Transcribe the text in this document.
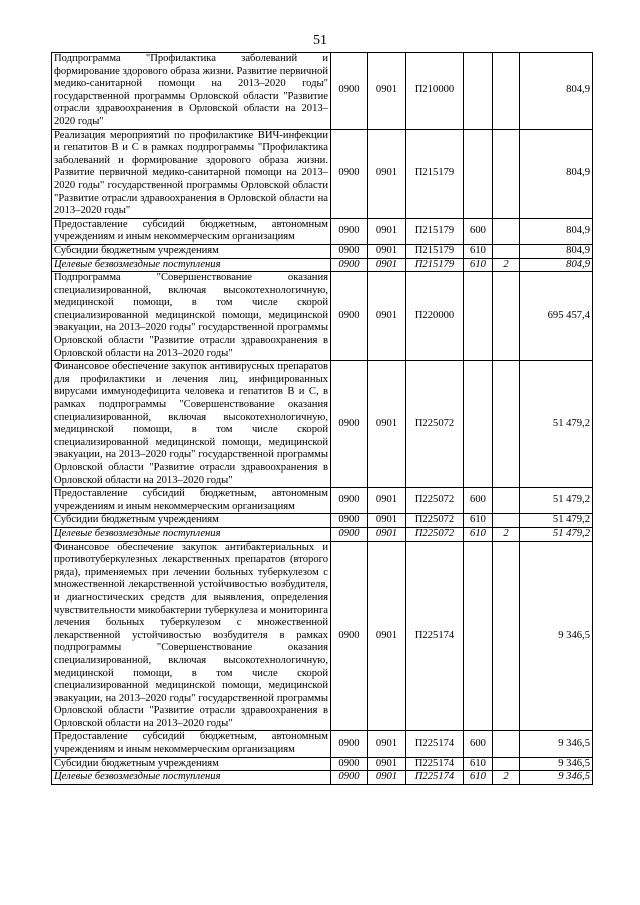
51
Подпрограмма "Профилактика заболеваний и формирование здорового образа жизни. Развитие первичной медико-санитарной помощи на 2013–2020 годы" государственной программы Орловской области "Развитие отрасли здравоохранения в Орловской области на 2013–2020 годы"	0900	0901	П210000			804,9
Реализация мероприятий по профилактике ВИЧ-инфекции и гепатитов В и С в рамках подпрограммы "Профилактика заболеваний и формирование здорового образа жизни. Развитие первичной медико-санитарной помощи на 2013–2020 годы" государственной программы Орловской области "Развитие отрасли здравоохранения в Орловской области на 2013–2020 годы"	0900	0901	П215179			804,9
Предоставление субсидий бюджетным, автономным учреждениям и иным некоммерческим организациям	0900	0901	П215179	600		804,9
Субсидии бюджетным учреждениям	0900	0901	П215179	610		804,9
Целевые безвозмездные поступления	0900	0901	П215179	610	2	804,9
Подпрограмма "Совершенствование оказания специализированной, включая высокотехнологичную, медицинской помощи, в том числе скорой специализированной медицинской помощи, медицинской эвакуации, на 2013–2020 годы" государственной программы Орловской области "Развитие отрасли здравоохранения в Орловской области на 2013–2020 годы"	0900	0901	П220000			695 457,4
Финансовое обеспечение закупок антивирусных препаратов для профилактики и лечения лиц, инфицированных вирусами иммунодефицита человека и гепатитов В и С, в рамках подпрограммы "Совершенствование оказания специализированной, включая высокотехнологичную, медицинской помощи, в том числе скорой специализированной медицинской помощи, медицинской эвакуации, на 2013–2020 годы" государственной программы Орловской области "Развитие отрасли здравоохранения в Орловской области на 2013–2020 годы"	0900	0901	П225072			51 479,2
Предоставление субсидий бюджетным, автономным учреждениям и иным некоммерческим организациям	0900	0901	П225072	600		51 479,2
Субсидии бюджетным учреждениям	0900	0901	П225072	610		51 479,2
Целевые безвозмездные поступления	0900	0901	П225072	610	2	51 479,2
Финансовое обеспечение закупок антибактериальных и противотуберкулезных лекарственных препаратов (второго ряда), применяемых при лечении больных туберкулезом с множественной лекарственной устойчивостью возбудителя, и диагностических средств для выявления, определения чувствительности микобактерии туберкулеза и мониторинга лечения больных туберкулезом с множественной лекарственной устойчивостью возбудителя в рамках подпрограммы "Совершенствование оказания специализированной, включая высокотехнологичную, медицинской помощи, в том числе скорой специализированной медицинской помощи, медицинской эвакуации, на 2013–2020 годы" государственной программы Орловской области "Развитие отрасли здравоохранения в Орловской области на 2013–2020 годы"	0900	0901	П225174			9 346,5
Предоставление субсидий бюджетным, автономным учреждениям и иным некоммерческим организациям	0900	0901	П225174	600		9 346,5
Субсидии бюджетным учреждениям	0900	0901	П225174	610		9 346,5
Целевые безвозмездные поступления	0900	0901	П225174	610	2	9 346,5
